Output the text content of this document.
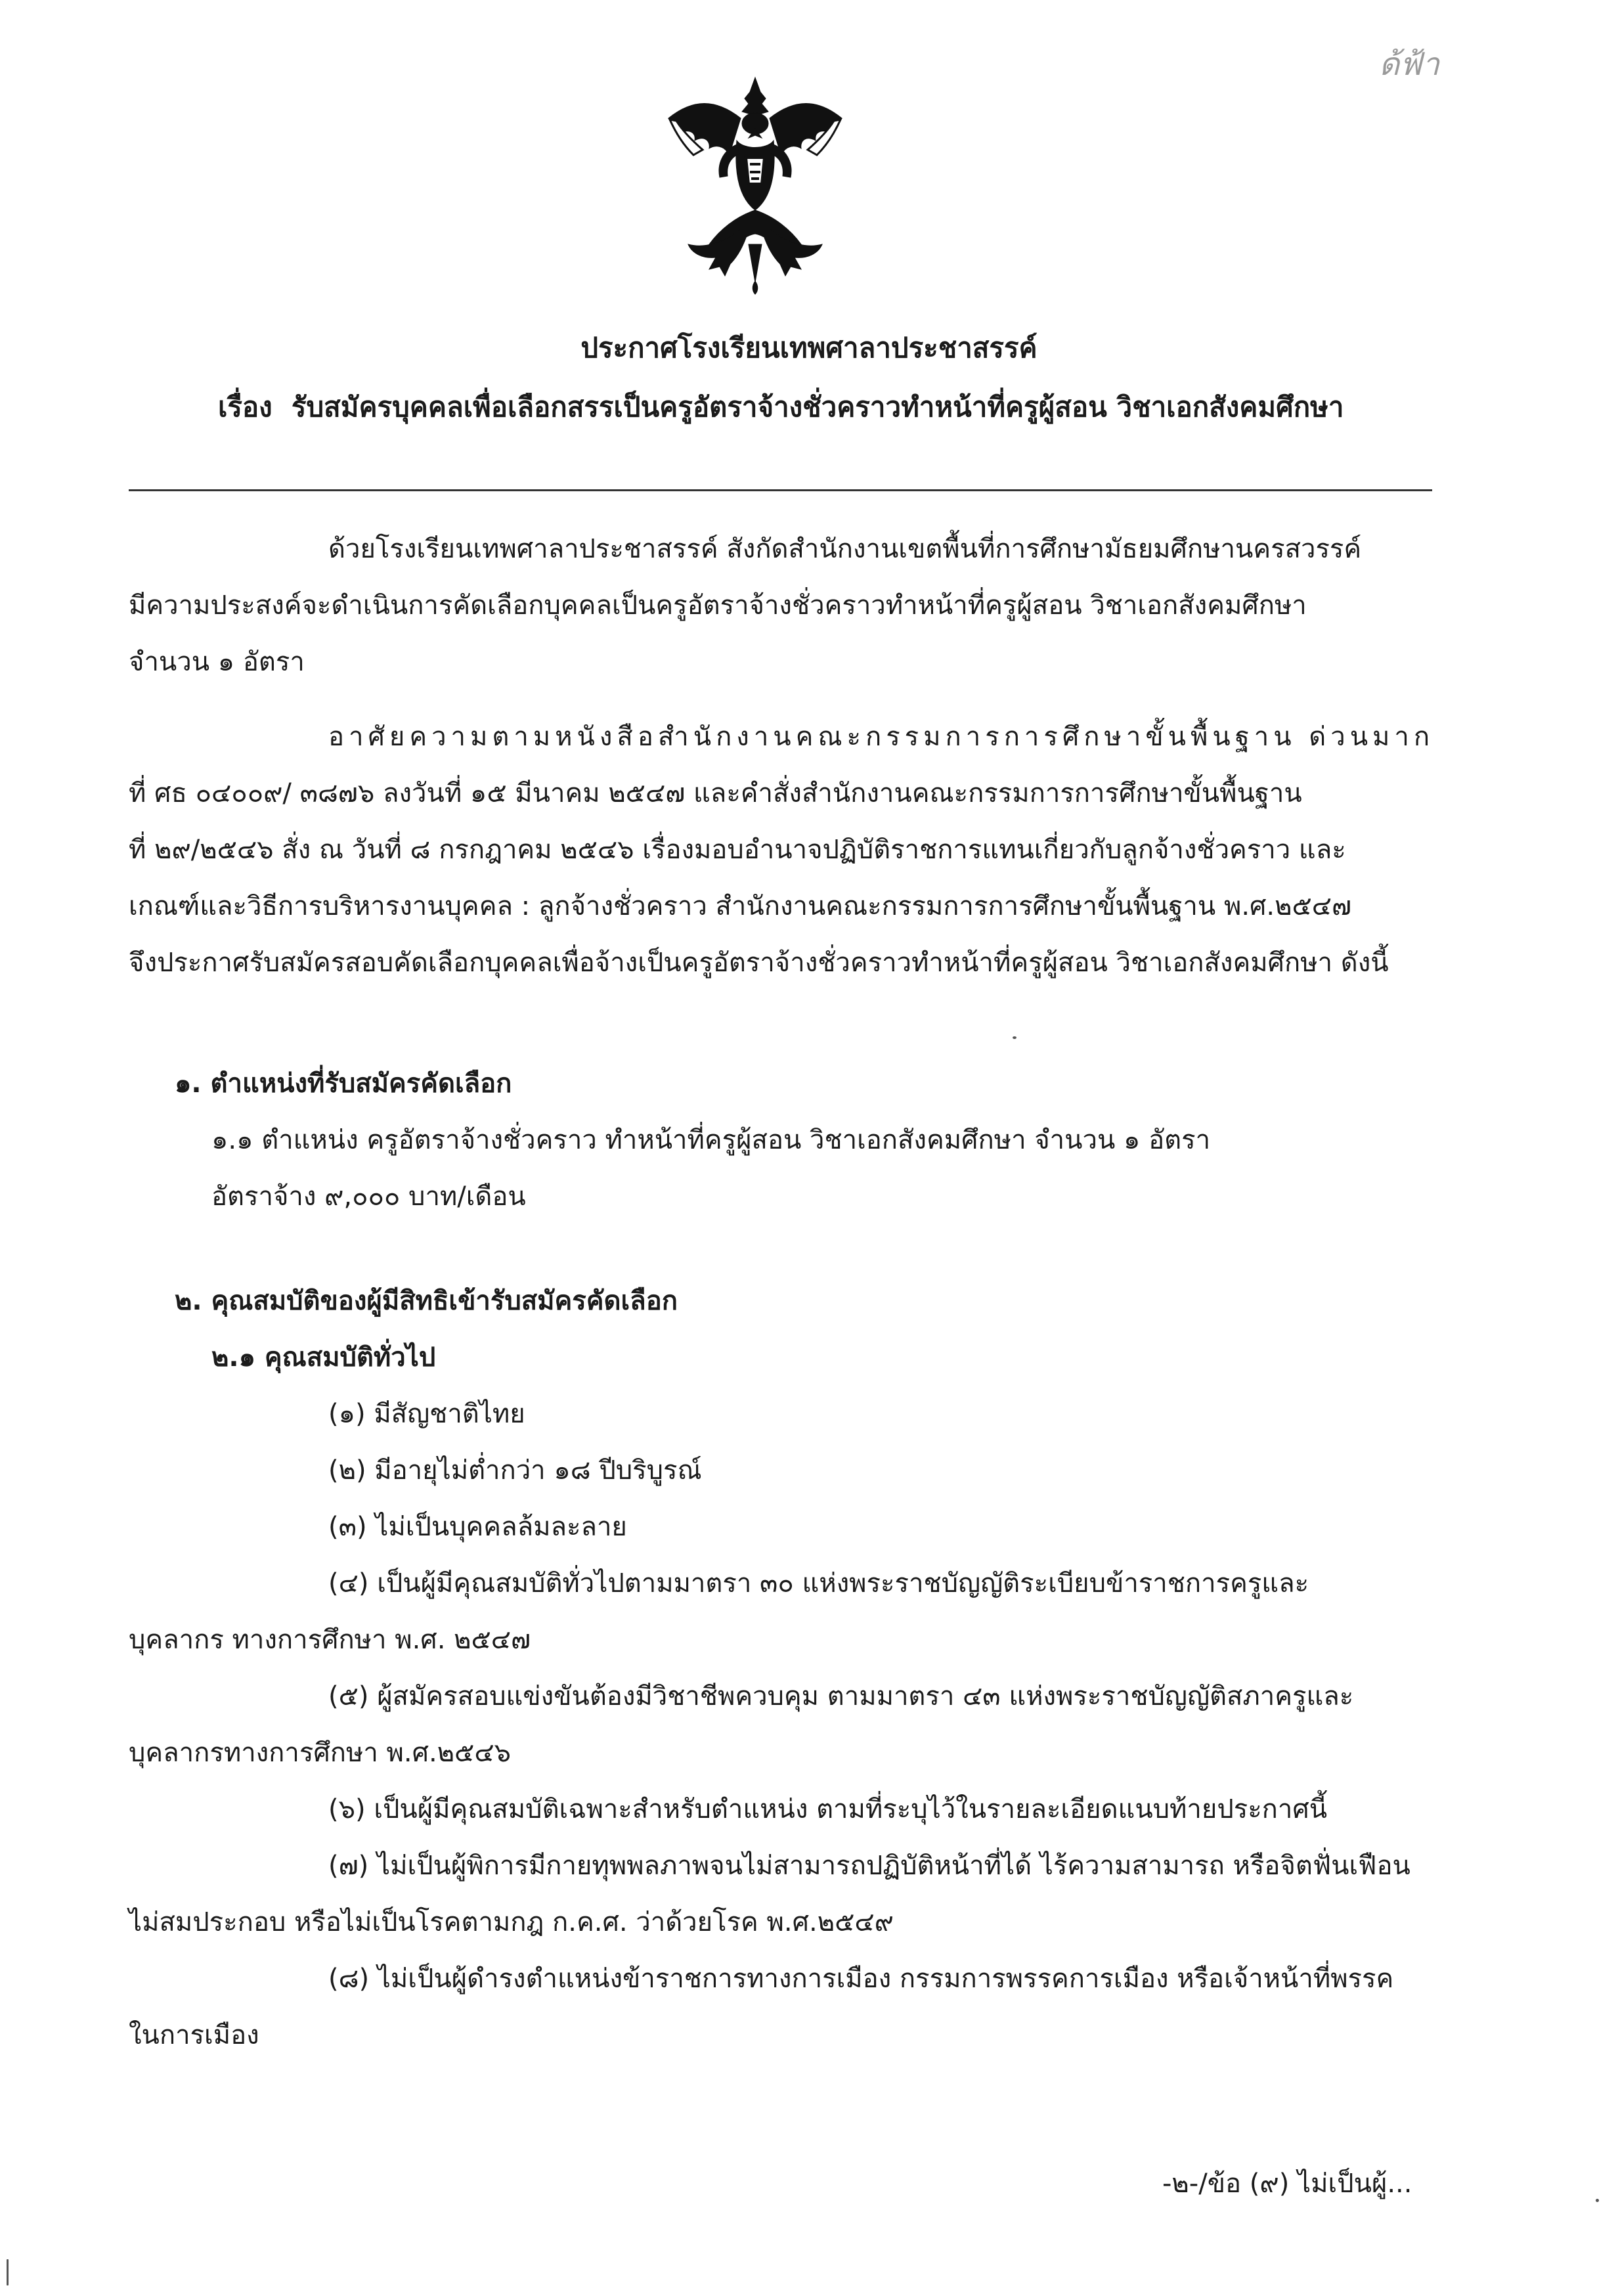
ด้ฟ้า
ประกาศโรงเรียนเทพศาลาประชาสรรค์
เรื่อง รับสมัครบุคคลเพื่อเลือกสรรเป็นครูอัตราจ้างชั่วคราวทำหน้าที่ครูผู้สอน วิชาเอกสังคมศึกษา
ด้วยโรงเรียนเทพศาลาประชาสรรค์ สังกัดสำนักงานเขตพื้นที่การศึกษามัธยมศึกษานครสวรรค์
มีความประสงค์จะดำเนินการคัดเลือกบุคคลเป็นครูอัตราจ้างชั่วคราวทำหน้าที่ครูผู้สอน วิชาเอกสังคมศึกษา
จำนวน ๑ อัตรา
อาศัยความตามหนังสือสำนักงานคณะกรรมการการศึกษาขั้นพื้นฐาน ด่วนมาก
ที่ ศธ ๐๔๐๐๙/ ๓๘๗๖ ลงวันที่ ๑๕ มีนาคม ๒๕๔๗ และคำสั่งสำนักงานคณะกรรมการการศึกษาขั้นพื้นฐาน
ที่ ๒๙/๒๕๔๖ สั่ง ณ วันที่ ๘ กรกฎาคม ๒๕๔๖ เรื่องมอบอำนาจปฏิบัติราชการแทนเกี่ยวกับลูกจ้างชั่วคราว และ
เกณฑ์และวิธีการบริหารงานบุคคล : ลูกจ้างชั่วคราว สำนักงานคณะกรรมการการศึกษาขั้นพื้นฐาน พ.ศ.๒๕๔๗
จึงประกาศรับสมัครสอบคัดเลือกบุคคลเพื่อจ้างเป็นครูอัตราจ้างชั่วคราวทำหน้าที่ครูผู้สอน วิชาเอกสังคมศึกษา ดังนี้
๑. ตำแหน่งที่รับสมัครคัดเลือก
๑.๑ ตำแหน่ง ครูอัตราจ้างชั่วคราว ทำหน้าที่ครูผู้สอน วิชาเอกสังคมศึกษา จำนวน ๑ อัตรา
อัตราจ้าง ๙,๐๐๐ บาท/เดือน
๒. คุณสมบัติของผู้มีสิทธิเข้ารับสมัครคัดเลือก
๒.๑ คุณสมบัติทั่วไป
(๑) มีสัญชาติไทย
(๒) มีอายุไม่ต่ำกว่า ๑๘ ปีบริบูรณ์
(๓) ไม่เป็นบุคคลล้มละลาย
(๔) เป็นผู้มีคุณสมบัติทั่วไปตามมาตรา ๓๐ แห่งพระราชบัญญัติระเบียบข้าราชการครูและ
บุคลากร ทางการศึกษา พ.ศ. ๒๕๔๗
(๕) ผู้สมัครสอบแข่งขันต้องมีวิชาชีพควบคุม ตามมาตรา ๔๓ แห่งพระราชบัญญัติสภาครูและ
บุคลากรทางการศึกษา พ.ศ.๒๕๔๖
(๖) เป็นผู้มีคุณสมบัติเฉพาะสำหรับตำแหน่ง ตามที่ระบุไว้ในรายละเอียดแนบท้ายประกาศนี้
(๗) ไม่เป็นผู้พิการมีกายทุพพลภาพจนไม่สามารถปฏิบัติหน้าที่ได้ ไร้ความสามารถ หรือจิตฟั่นเฟือน
ไม่สมประกอบ หรือไม่เป็นโรคตามกฎ ก.ค.ศ. ว่าด้วยโรค พ.ศ.๒๕๔๙
(๘) ไม่เป็นผู้ดำรงตำแหน่งข้าราชการทางการเมือง กรรมการพรรคการเมือง หรือเจ้าหน้าที่พรรค
ในการเมือง
-๒-/ข้อ (๙) ไม่เป็นผู้...
